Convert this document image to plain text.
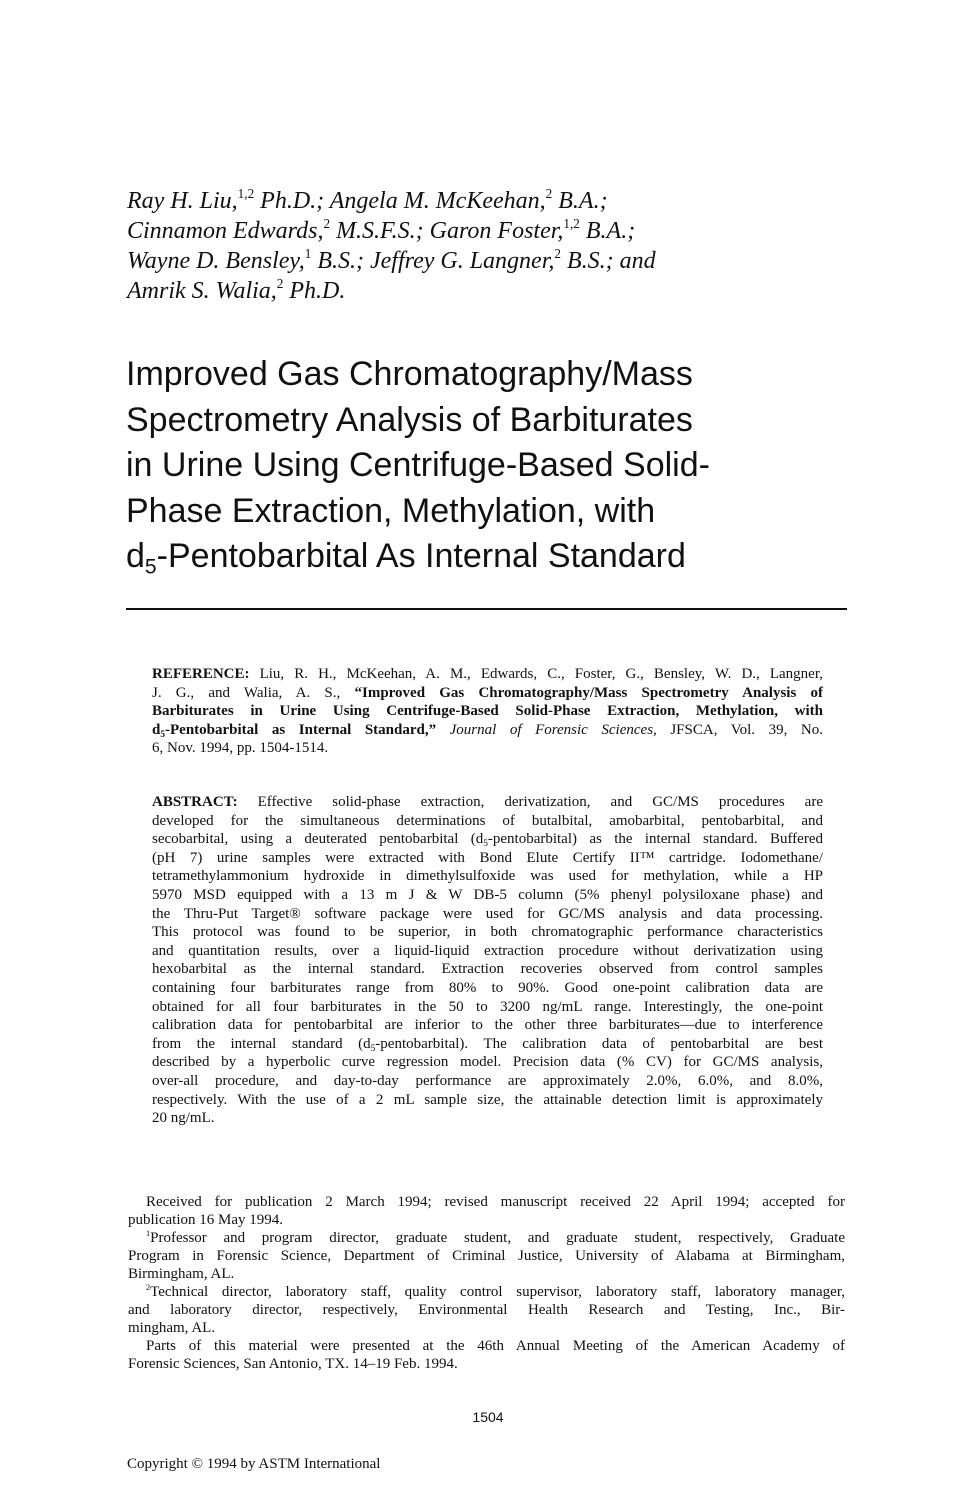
Ray H. Liu,$^{1,2}$ Ph.D.; Angela M. McKeehan,$^2$ B.A.;
Cinnamon Edwards,$^2$ M.S.F.S.; Garon Foster,$^{1,2}$ B.A.;
Wayne D. Bensley,$^1$ B.S.; Jeffrey G. Langner,$^2$ B.S.; and
Amrik S. Walia,$^2$ Ph.D.
Improved Gas Chromatography/Mass
Spectrometry Analysis of Barbiturates
in Urine Using Centrifuge-Based Solid-
Phase Extraction, Methylation, with
$d_5$-Pentobarbital As Internal Standard
REFERENCE: Liu, R. H., McKeehan, A. M., Edwards, C., Foster, G., Bensley, W. D., Langner,
J. G., and Walia, A. S., “Improved Gas Chromatography/Mass Spectrometry Analysis of
Barbiturates in Urine Using Centrifuge-Based Solid-Phase Extraction, Methylation, with
$d_5$-Pentobarbital as Internal Standard,” Journal of Forensic Sciences, JFSCA, Vol. 39, No.
6, Nov. 1994, pp. 1504-1514.
ABSTRACT: Effective solid-phase extraction, derivatization, and GC/MS procedures are
developed for the simultaneous determinations of butalbital, amobarbital, pentobarbital, and
secobarbital, using a deuterated pentobarbital $(d_5-pentobarbital)$ as the internal standard. Buffered
(pH 7) urine samples were extracted with Bond Elute Certify II™ cartridge. Iodomethane/
tetramethylammonium hydroxide in dimethylsulfoxide was used for methylation, while a HP
5970 MSD equipped with a 13 m J & W DB-5 column (5% phenyl polysiloxane phase) and
the Thru-Put Target® software package were used for GC/MS analysis and data processing.
This protocol was found to be superior, in both chromatographic performance characteristics
and quantitation results, over a liquid-liquid extraction procedure without derivatization using
hexobarbital as the internal standard. Extraction recoveries observed from control samples
containing four barbiturates range from 80% to 90%. Good one-point calibration data are
obtained for all four barbiturates in the 50 to 3200 ng/mL range. Interestingly, the one-point
calibration data for pentobarbital are inferior to the other three barbiturates—due to interference
from the internal standard $(d_5-pentobarbital)$. The calibration data of pentobarbital are best
described by a hyperbolic curve regression model. Precision data (% CV) for GC/MS analysis,
over-all procedure, and day-to-day performance are approximately 2.0%, 6.0%, and 8.0%,
respectively. With the use of a 2 mL sample size, the attainable detection limit is approximately
20 ng/mL.
Received for publication 2 March 1994; revised manuscript received 22 April 1994; accepted for
publication 16 May 1994.
$^1$Professor and program director, graduate student, and graduate student, respectively, Graduate
Program in Forensic Science, Department of Criminal Justice, University of Alabama at Birmingham,
Birmingham, AL.
$^2$Technical director, laboratory staff, quality control supervisor, laboratory staff, laboratory manager,
and laboratory director, respectively, Environmental Health Research and Testing, Inc., Bir-
mingham, AL.
Parts of this material were presented at the 46th Annual Meeting of the American Academy of
Forensic Sciences, San Antonio, TX. 14–19 Feb. 1994.
1504
Copyright © 1994 by ASTM International
